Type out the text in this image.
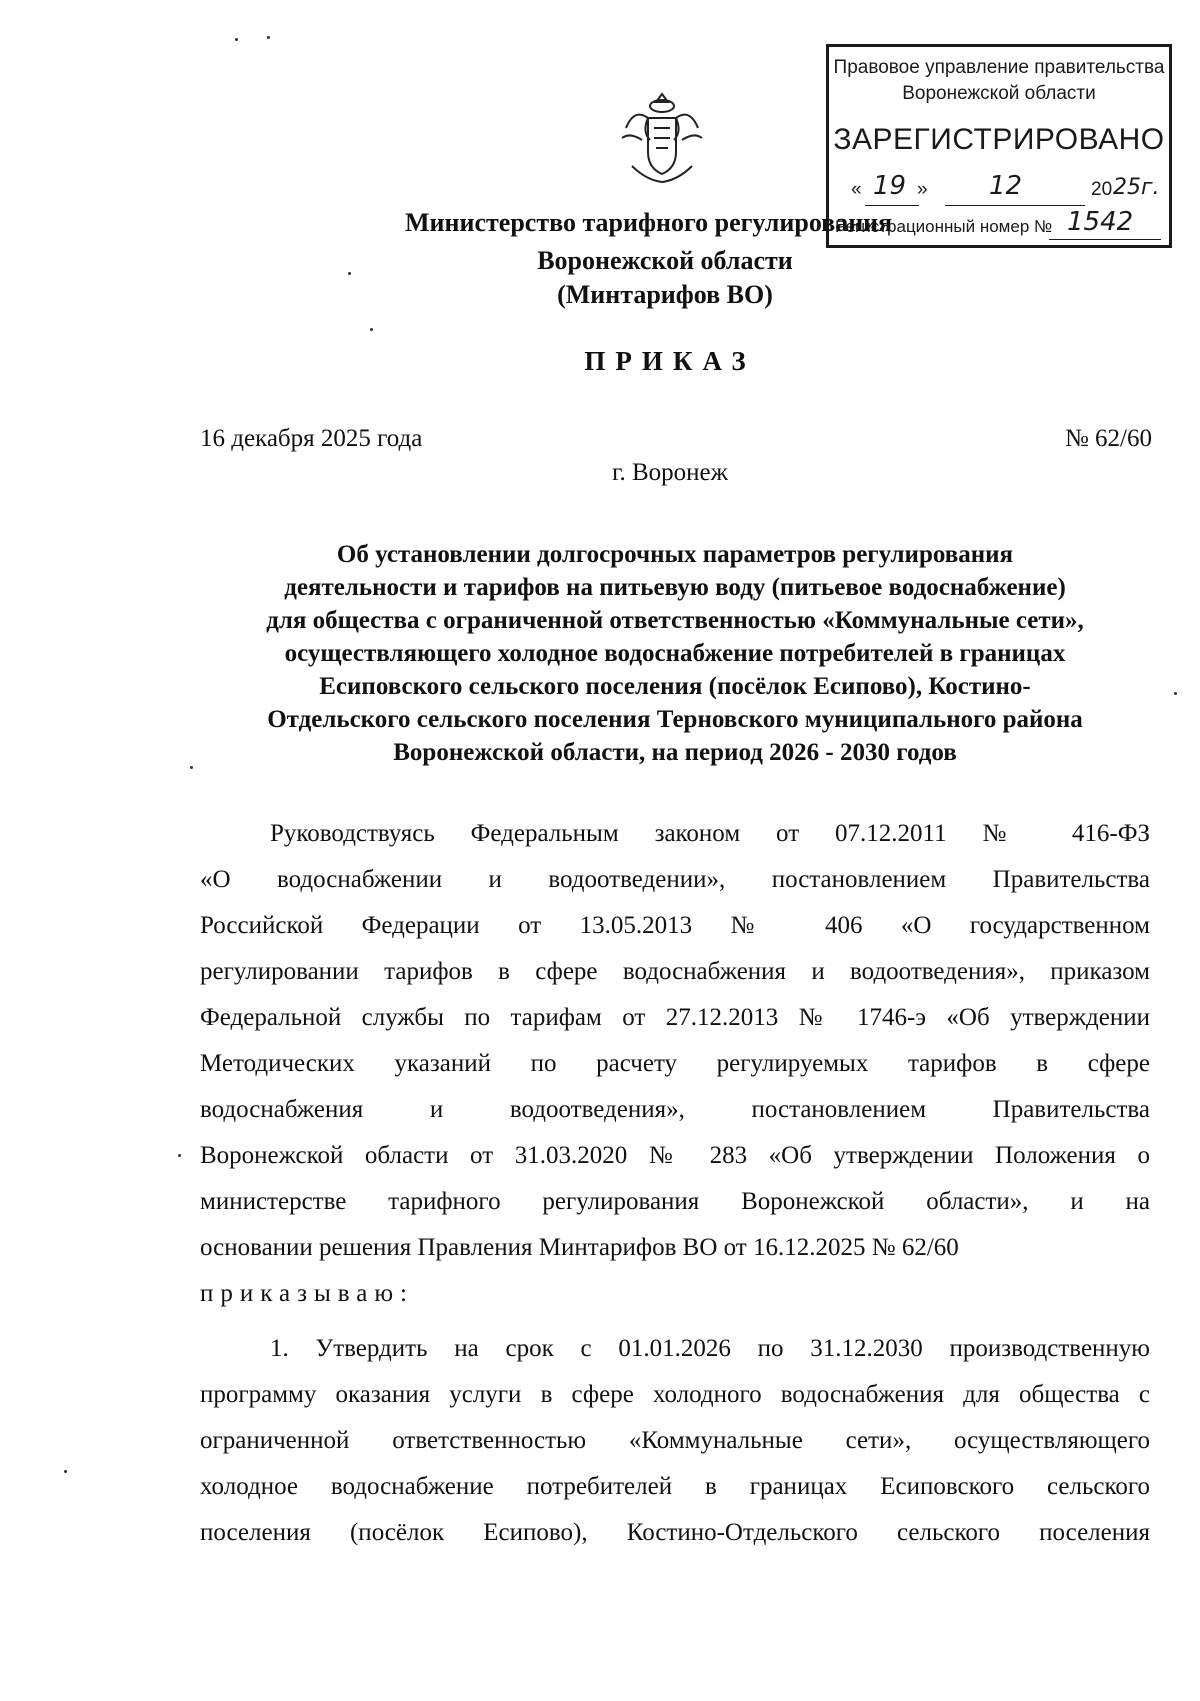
Правовое управление правительства
Воронежской области
ЗАРЕГИСТРИРОВАНО
« 19 » 12	20 25г.
Регистрационный номер № 1542
Министерство тарифного регулирования
Воронежской области
(Минтарифов ВО)
ПРИКАЗ
16 декабря 2025 года	№ 62/60
г. Воронеж
Об установлении долгосрочных параметров регулирования
деятельности и тарифов на питьевую воду (питьевое водоснабжение)
для общества с ограниченной ответственностью «Коммунальные сети»,
осуществляющего холодное водоснабжение потребителей в границах
Есиповского сельского поселения (посёлок Есипово), Костино-
Отдельского сельского поселения Терновского муниципального района
Воронежской области, на период 2026 - 2030 годов
Руководствуясь Федеральным законом от 07.12.2011 № 416-ФЗ
«О водоснабжении и водоотведении», постановлением Правительства
Российской Федерации от 13.05.2013 № 406 «О государственном
регулировании тарифов в сфере водоснабжения и водоотведения», приказом
Федеральной службы по тарифам от 27.12.2013 № 1746-э «Об утверждении
Методических указаний по расчету регулируемых тарифов в сфере
водоснабжения и водоотведения», постановлением Правительства
Воронежской области от 31.03.2020 № 283 «Об утверждении Положения о
министерстве тарифного регулирования Воронежской области», и на
основании решения Правления Минтарифов ВО от 16.12.2025 № 62/60
приказываю:
1. Утвердить на срок с 01.01.2026 по 31.12.2030 производственную
программу оказания услуги в сфере холодного водоснабжения для общества с
ограниченной ответственностью «Коммунальные сети», осуществляющего
холодное водоснабжение потребителей в границах Есиповского сельского
поселения (посёлок Есипово), Костино-Отдельского сельского поселения
